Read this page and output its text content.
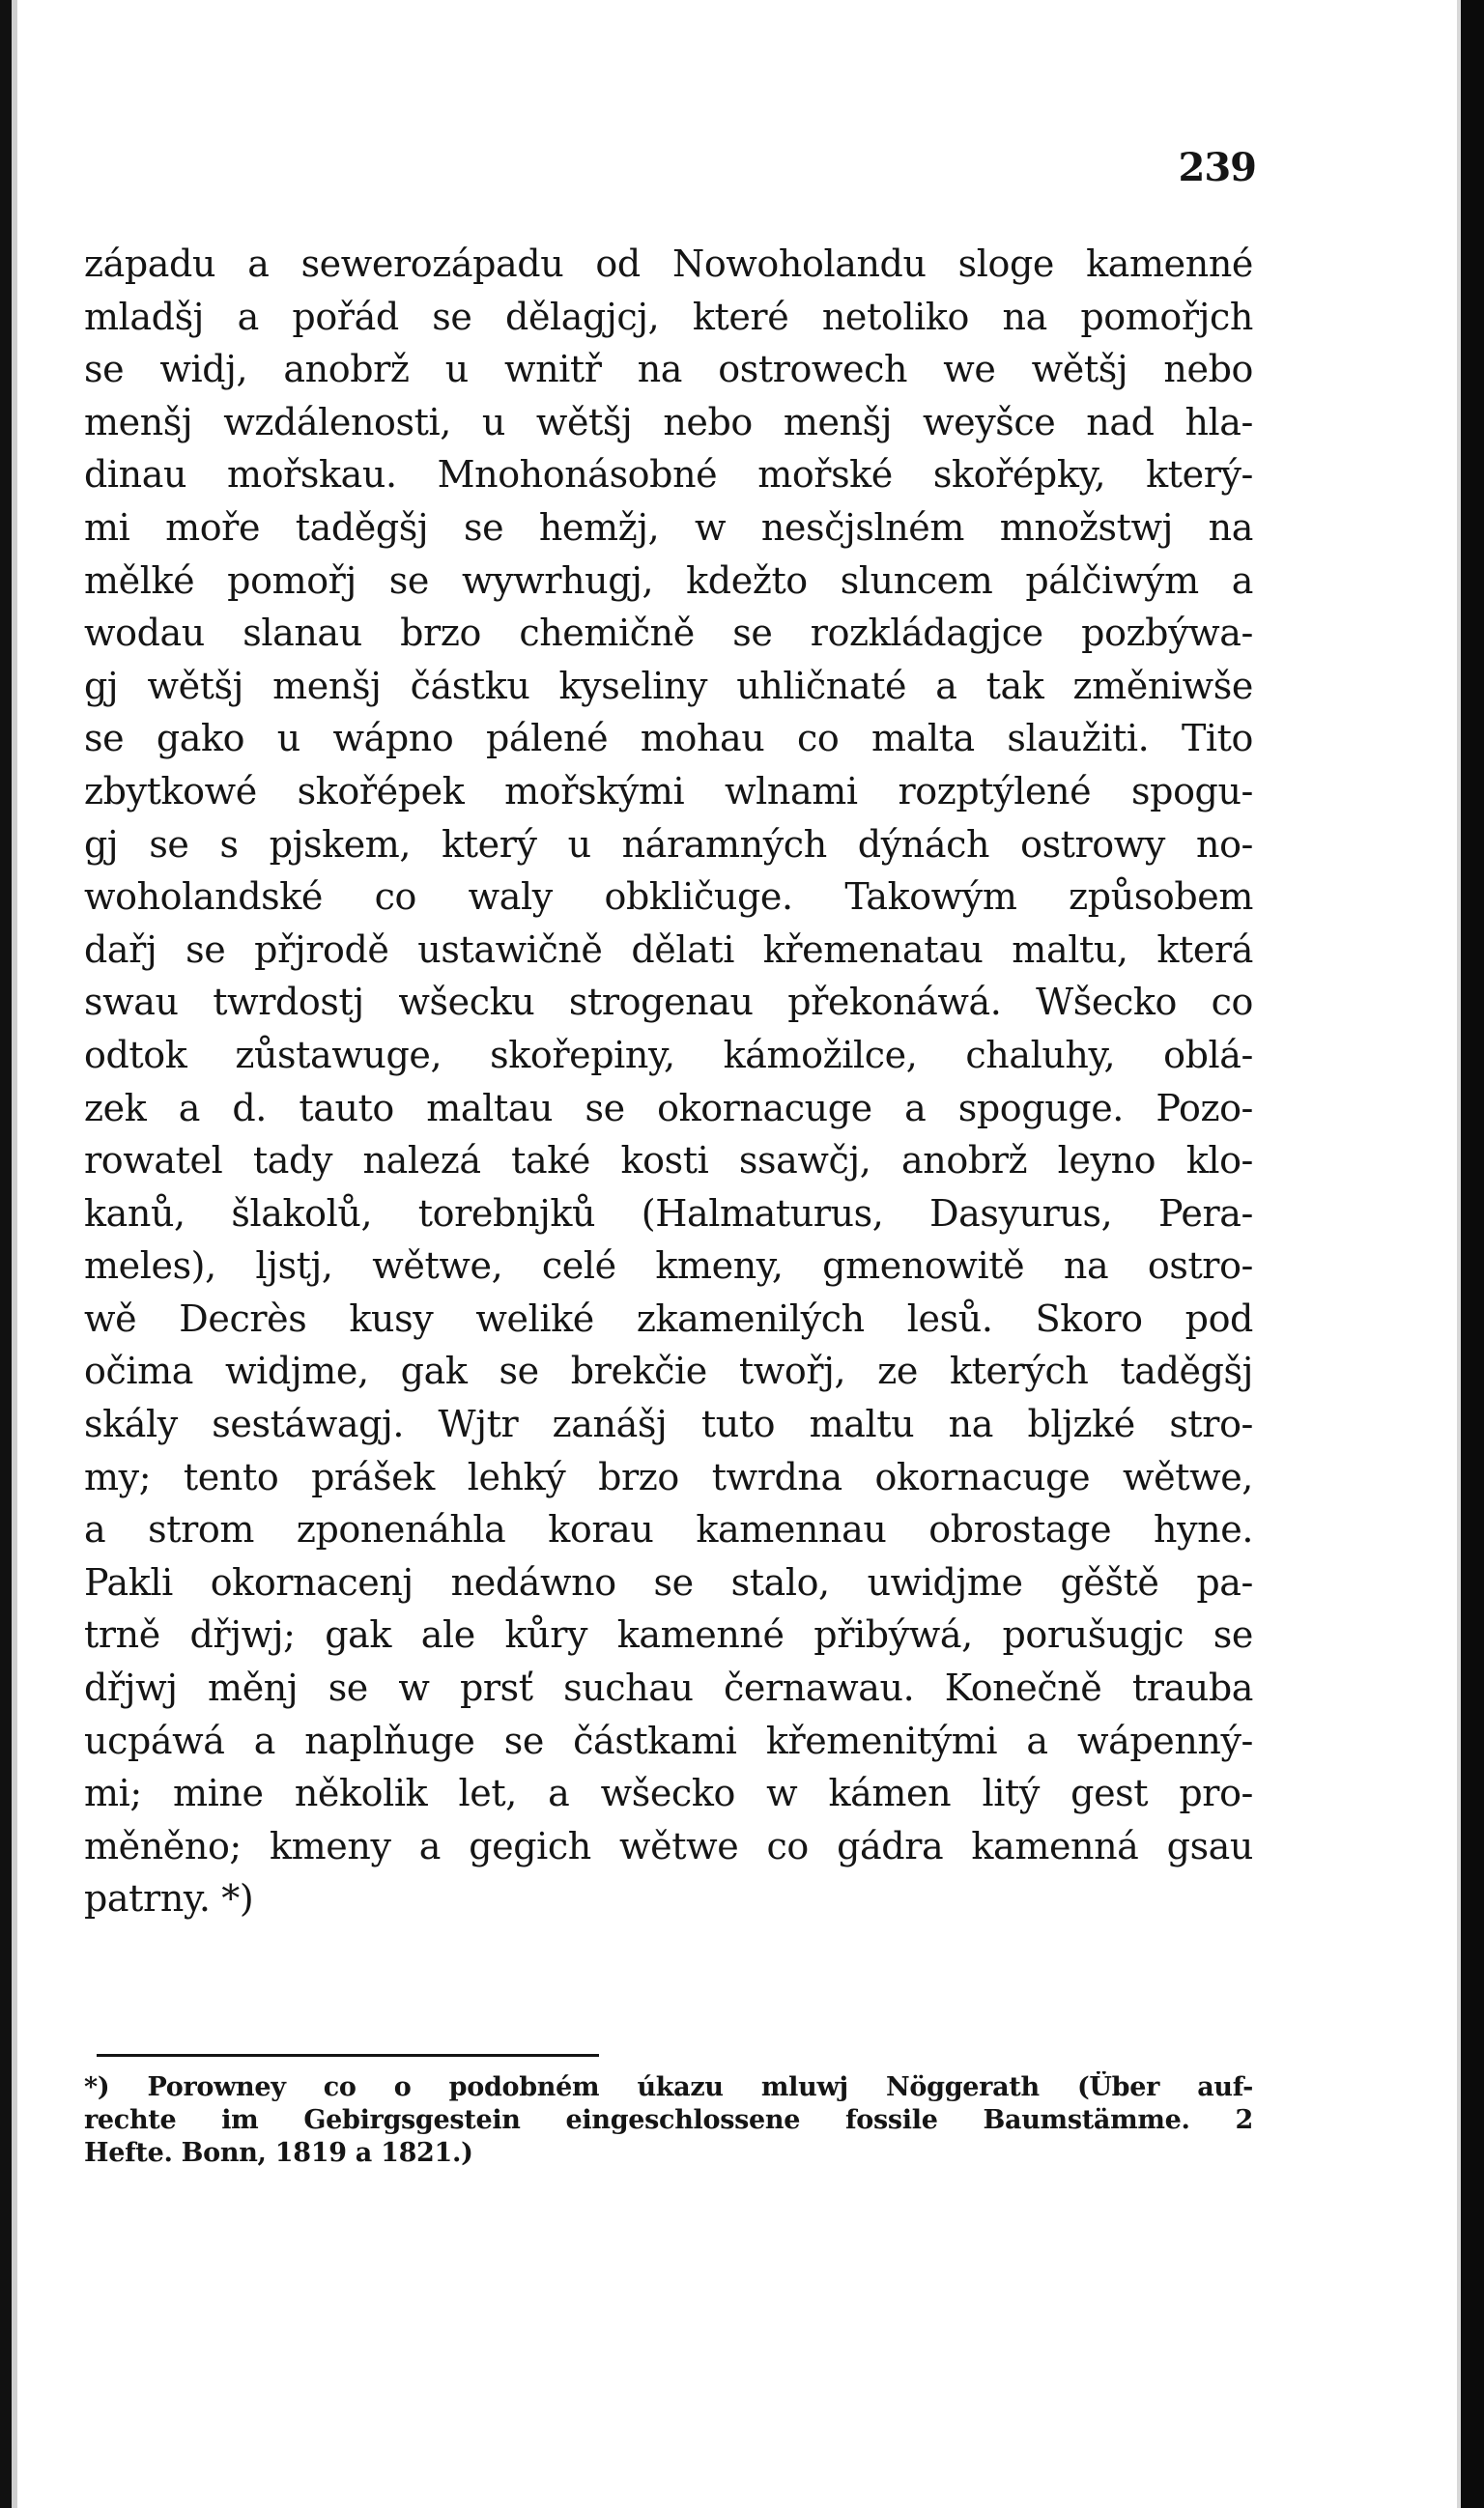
239
západu a sewerozápadu od Nowoholandu sloge kamenné
mladšj a pořád se dělagjcj, které netoliko na pomořjch
se widj, anobrž u wnitř na ostrowech we wětšj nebo
menšj wzdálenosti, u wětšj nebo menšj weyšce nad hla-
dinau mořskau. Mnohonásobné mořské skořépky, který-
mi moře taděgšj se hemžj, w nesčjslném množstwj na
mělké pomořj se wywrhugj, kdežto sluncem pálčiwým a
wodau slanau brzo chemičně se rozkládagjce pozbýwa-
gj wětšj menšj částku kyseliny uhličnaté a tak změniwše
se gako u wápno pálené mohau co malta slaužiti. Tito
zbytkowé skořépek mořskými wlnami rozptýlené spogu-
gj se s pjskem, který u náramných dýnách ostrowy no-
woholandské co waly obkličuge. Takowým způsobem
dařj se přjrodě ustawičně dělati křemenatau maltu, která
swau twrdostj wšecku strogenau překonáwá. Wšecko co
odtok zůstawuge, skořepiny, kámožilce, chaluhy, oblá-
zek a d. tauto maltau se okornacuge a spoguge. Pozo-
rowatel tady nalezá také kosti ssawčj, anobrž leyno klo-
kanů, šlakolů, torebnjků (Halmaturus, Dasyurus, Pera-
meles), ljstj, wětwe, celé kmeny, gmenowitě na ostro-
wě Decrès kusy weliké zkamenilých lesů. Skoro pod
očima widjme, gak se brekčie twořj, ze kterých taděgšj
skály sestáwagj. Wjtr zanášj tuto maltu na bljzké stro-
my; tento prášek lehký brzo twrdna okornacuge wětwe,
a strom zponenáhla korau kamennau obrostage hyne.
Pakli okornacenj nedáwno se stalo, uwidjme gěště pa-
trně dřjwj; gak ale kůry kamenné přibýwá, porušugjc se
dřjwj měnj se w prsť suchau černawau. Konečně trauba
ucpáwá a naplňuge se částkami křemenitými a wápenný-
mi; mine několik let, a wšecko w kámen litý gest pro-
měněno; kmeny a gegich wětwe co gádra kamenná gsau
patrny. *)
*) Porowney co o podobném úkazu mluwj Nöggerath (Über auf-
rechte im Gebirgsgestein eingeschlossene fossile Baumstämme. 2
Hefte. Bonn, 1819 a 1821.)
